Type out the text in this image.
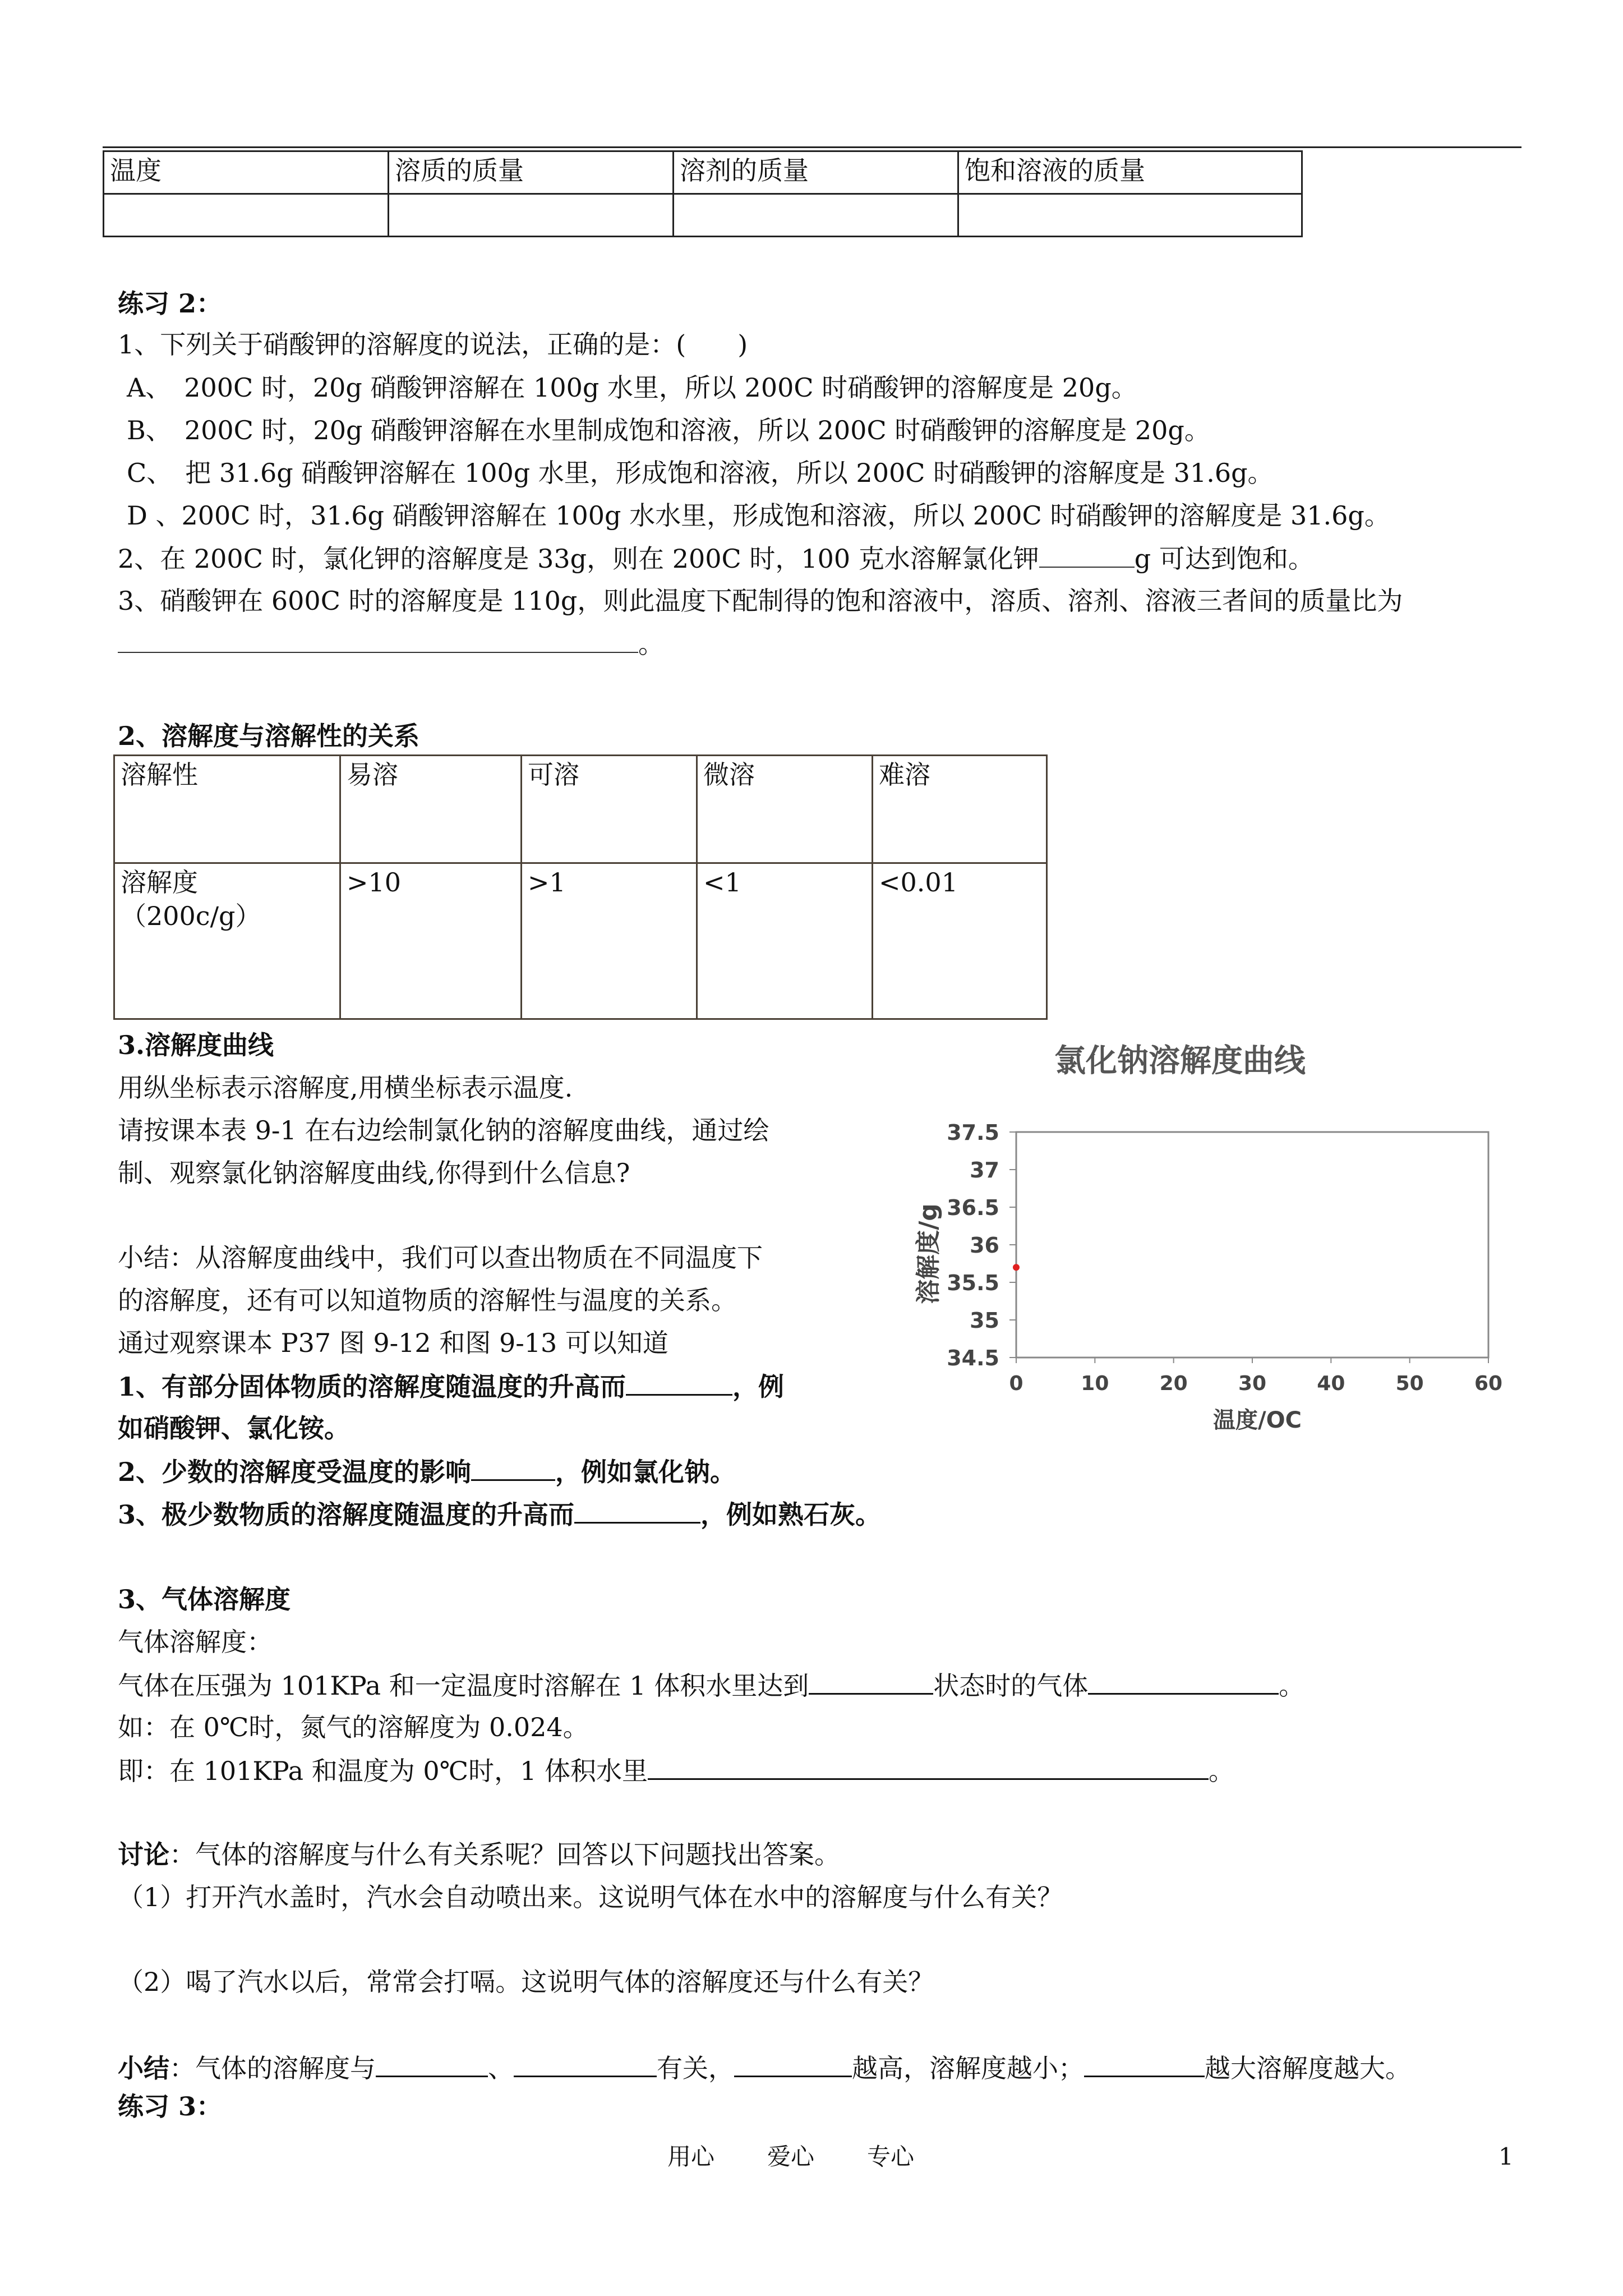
温度	溶质的质量	溶剂的质量	饱和溶液的质量

练习 2：
1、下列关于硝酸钾的溶解度的说法，正确的是：(　　)
A、　200C 时，20g 硝酸钾溶解在 100g 水里，所以 200C 时硝酸钾的溶解度是 20g。
B、　200C 时，20g 硝酸钾溶解在水里制成饱和溶液，所以 200C 时硝酸钾的溶解度是 20g。
C、　把 31.6g 硝酸钾溶解在 100g 水里，形成饱和溶液，所以 200C 时硝酸钾的溶解度是 31.6g。
D 、200C 时，31.6g 硝酸钾溶解在 100g 水水里，形成饱和溶液，所以 200C 时硝酸钾的溶解度是 31.6g。
2、在 200C 时，氯化钾的溶解度是 33g，则在 200C 时，100 克水溶解氯化钾	g 可达到饱和。
3、硝酸钾在 600C 时的溶解度是 110g，则此温度下配制得的饱和溶液中，溶质、溶剂、溶液三者间的质量比为
。
2、溶解度与溶解性的关系
溶解性	易溶	可溶	微溶	难溶

溶解度
（200c/g）	>10	>1	<1	<0.01
3.溶解度曲线
用纵坐标表示溶解度,用横坐标表示温度.
请按课本表 9-1 在右边绘制氯化钠的溶解度曲线，通过绘
制、观察氯化钠溶解度曲线,你得到什么信息?
小结：从溶解度曲线中，我们可以查出物质在不同温度下
的溶解度，还有可以知道物质的溶解性与温度的关系。
通过观察课本 P37 图 9-12 和图 9-13 可以知道
1、有部分固体物质的溶解度随温度的升高而	，例
如硝酸钾、氯化铵。
2、少数的溶解度受温度的影响	，例如氯化钠。
3、极少数物质的溶解度随温度的升高而	，例如熟石灰。
氯化钠溶解度曲线
溶解度/g
温度/OC
37.5
37
36.5
36
35.5
35
34.5
0	10	20	30	40	50	60
3、气体溶解度
气体溶解度：
气体在压强为 101KPa 和一定温度时溶解在 1 体积水里达到	状态时的气体	。
如：在 0℃时，氮气的溶解度为 0.024。
即：在 101KPa 和温度为 0℃时，1 体积水里	。
讨论：气体的溶解度与什么有关系呢？回答以下问题找出答案。
（1）打开汽水盖时，汽水会自动喷出来。这说明气体在水中的溶解度与什么有关？
（2）喝了汽水以后，常常会打嗝。这说明气体的溶解度还与什么有关？
小结：气体的溶解度与	、	有关，	越高，溶解度越小；	越大溶解度越大。
练习 3：
用心 爱心 专心	1
